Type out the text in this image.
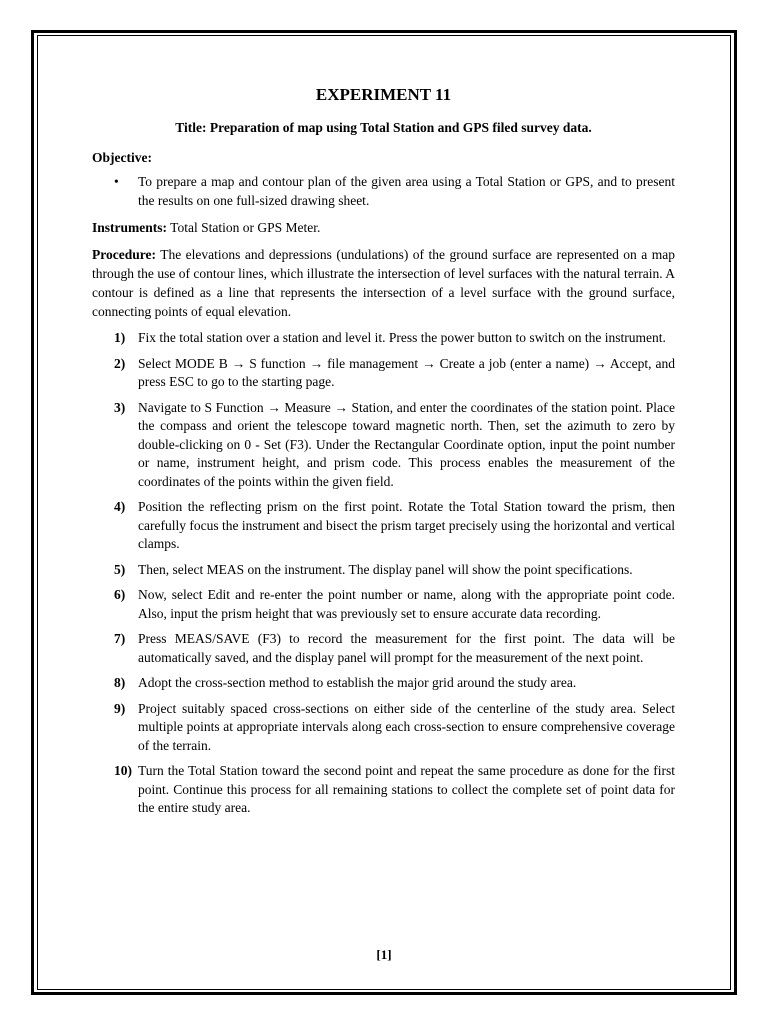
EXPERIMENT 11
Title: Preparation of map using Total Station and GPS filed survey data.
Objective:
• To prepare a map and contour plan of the given area using a Total Station or GPS, and to present the results on one full-sized drawing sheet.

Instruments: Total Station or GPS Meter.

Procedure: The elevations and depressions (undulations) of the ground surface are represented on a map through the use of contour lines, which illustrate the intersection of level surfaces with the natural terrain. A contour is defined as a line that represents the intersection of a level surface with the ground surface, connecting points of equal elevation.

1) Fix the total station over a station and level it. Press the power button to switch on the instrument.
2) Select MODE B → S function → file management → Create a job (enter a name) → Accept, and press ESC to go to the starting page.
3) Navigate to S Function → Measure → Station, and enter the coordinates of the station point. Place the compass and orient the telescope toward magnetic north. Then, set the azimuth to zero by double-clicking on 0 - Set (F3). Under the Rectangular Coordinate option, input the point number or name, instrument height, and prism code. This process enables the measurement of the coordinates of the points within the given field.
4) Position the reflecting prism on the first point. Rotate the Total Station toward the prism, then carefully focus the instrument and bisect the prism target precisely using the horizontal and vertical clamps.
5) Then, select MEAS on the instrument. The display panel will show the point specifications.
6) Now, select Edit and re-enter the point number or name, along with the appropriate point code. Also, input the prism height that was previously set to ensure accurate data recording.
7) Press MEAS/SAVE (F3) to record the measurement for the first point. The data will be automatically saved, and the display panel will prompt for the measurement of the next point.
8) Adopt the cross-section method to establish the major grid around the study area.
9) Project suitably spaced cross-sections on either side of the centerline of the study area. Select multiple points at appropriate intervals along each cross-section to ensure comprehensive coverage of the terrain.
10) Turn the Total Station toward the second point and repeat the same procedure as done for the first point. Continue this process for all remaining stations to collect the complete set of point data for the entire study area.
[1]
